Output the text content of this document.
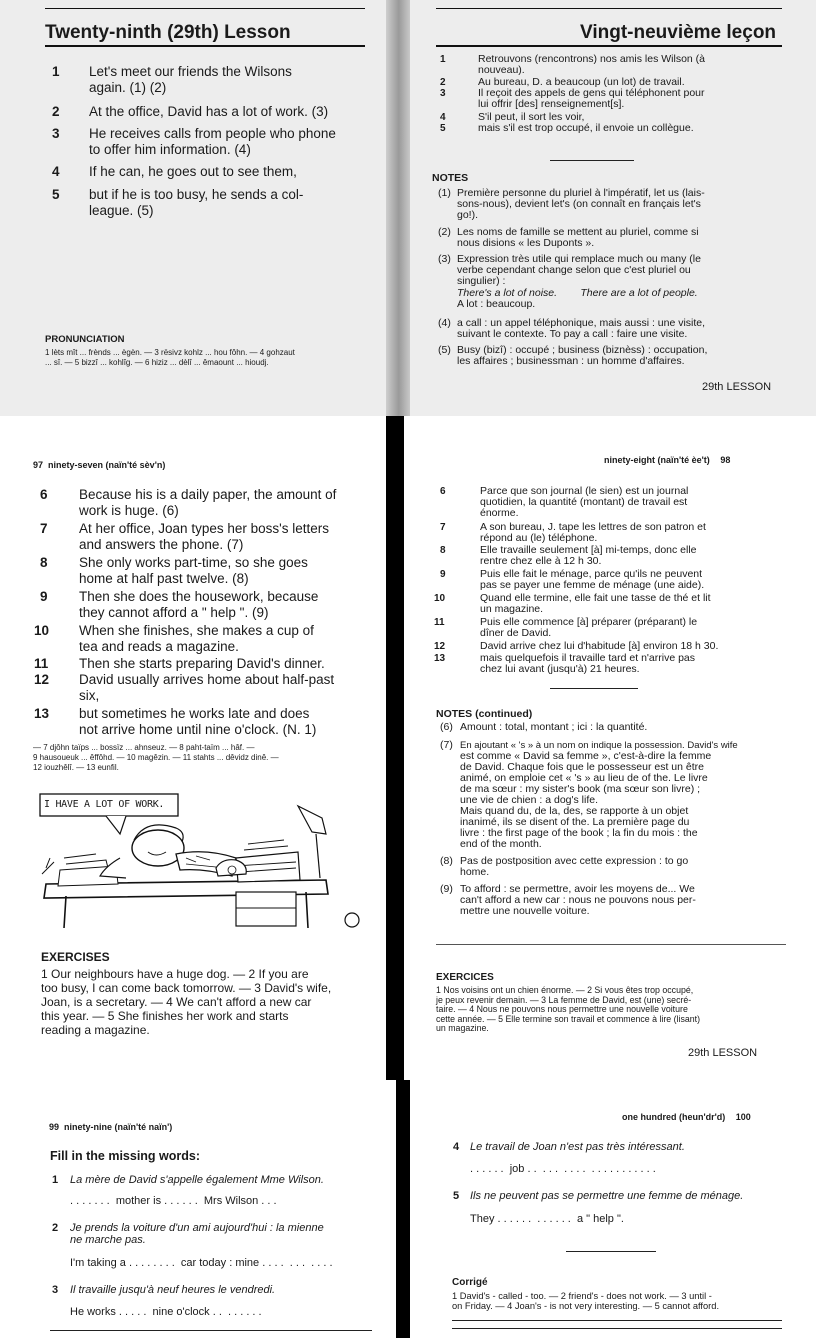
Twenty-ninth (29th) Lesson
1 Let's meet our friends the Wilsons
again. (1) (2)
2 At the office, David has a lot of work. (3)
3 He receives calls from people who phone
to offer him information. (4)
4 If he can, he goes out to see them,
5 but if he is too busy, he sends a col-
league. (5)
PRONUNCIATION
1 lèts mît ... frènds ... ègèn. — 3 rësivz kohlz ... hou fôhn. — 4 gohzaut
... sî. — 5 bizzî ... kohlîg. — 6 hiziz ... dèlî ... êmaount ... hioudj.
Vingt-neuvième leçon
1	Retrouvons (rencontrons) nos amis les Wilson (à
nouveau).
2	Au bureau, D. a beaucoup (un lot) de travail.
3	Il reçoit des appels de gens qui téléphonent pour
lui offrir [des] renseignement[s].
4	S'il peut, il sort les voir,
5	mais s'il est trop occupé, il envoie un collègue.
NOTES
(1) Première personne du pluriel à l'impératif, let us (lais-
sons-nous), devient let's (on connaît en français let's
go!).
(2) Les noms de famille se mettent au pluriel, comme si
nous disions « les Duponts ».
(3) Expression très utile qui remplace much ou many (le
verbe cependant change selon que c'est pluriel ou
singulier) :
There's a lot of noise.        There are a lot of people.
A lot : beaucoup.
(4) a call : un appel téléphonique, mais aussi : une visite,
suivant le contexte. To pay a call : faire une visite.
(5) Busy (bizî) : occupé ; business (biznèss) : occupation,
les affaires ; businessman : un homme d'affaires.
29th LESSON
97  ninety-seven (naïn'té sèv'n)
6 Because his is a daily paper, the amount of
work is huge. (6)
7 At her office, Joan types her boss's letters
and answers the phone. (7)
8 She only works part-time, so she goes
home at half past twelve. (8)
9 Then she does the housework, because
they cannot afford a " help ". (9)
10 When she finishes, she makes a cup of
tea and reads a magazine.
11 Then she starts preparing David's dinner.
12 David usually arrives home about half-past
six,
13 but sometimes he works late and does
not arrive home until nine o'clock. (N. 1)
— 7 djôhn taïps ... bossïz ... ahnseuz. — 8 paht-taïm ... hâf. —
9 hausoueuk ... êffôhd. — 10 magêzin. — 11 stahts ... dêvidz dinê. —
12 iouzhêlî. — 13 eunfil.
I HAVE A LOT OF WORK.
EXERCISES
1 Our neighbours have a huge dog. — 2 If you are
too busy, I can come back tomorrow. — 3 David's wife,
Joan, is a secretary. — 4 We can't afford a new car
this year. — 5 She finishes her work and starts
reading a magazine.
ninety-eight (naïn'té èe't) 98
6	Parce que son journal (le sien) est un journal
quotidien, la quantité (montant) de travail est
énorme.
7	A son bureau, J. tape les lettres de son patron et
répond au (le) téléphone.
8	Elle travaille seulement [à] mi-temps, donc elle
rentre chez elle à 12 h 30.
9	Puis elle fait le ménage, parce qu'ils ne peuvent
pas se payer une femme de ménage (une aide).
10	Quand elle termine, elle fait une tasse de thé et lit
un magazine.
11	Puis elle commence [à] préparer (préparant) le
dîner de David.
12	David arrive chez lui d'habitude [à] environ 18 h 30.
13	mais quelquefois il travaille tard et n'arrive pas
chez lui avant (jusqu'à) 21 heures.
NOTES (continued)
(6) Amount : total, montant ; ici : la quantité.
(7) En ajoutant « 's » à un nom on indique la possession. David's wife
est comme « David sa femme », c'est-à-dire la femme
de David. Chaque fois que le possesseur est un être
animé, on emploie cet « 's » au lieu de of the. Le livre
de ma sœur : my sister's book (ma sœur son livre) ;
une vie de chien : a dog's life.
Mais quand du, de la, des, se rapporte à un objet
inanimé, ils se disent of the. La première page du
livre : the first page of the book ; la fin du mois : the
end of the month.
(8) Pas de postposition avec cette expression : to go
home.
(9) To afford : se permettre, avoir les moyens de... We
can't afford a new car : nous ne pouvons nous per-
mettre une nouvelle voiture.
EXERCICES
1 Nos voisins ont un chien énorme. — 2 Si vous êtes trop occupé,
je peux revenir demain. — 3 La femme de David, est (une) secré-
taire. — 4 Nous ne pouvons nous permettre une nouvelle voiture
cette année. — 5 Elle termine son travail et commence à lire (lisant)
un magazine.
29th LESSON
99  ninety-nine (naïn'té naïn')
Fill in the missing words:
1 La mère de David s'appelle également Mme Wilson.
. . . . . . .  mother is . . . . . .  Mrs Wilson . . .
2 Je prends la voiture d'un ami aujourd'hui : la mienne
ne marche pas.
I'm taking a . . . . . . . .  car today : mine . . . .  . . .  . . . .
3 Il travaille jusqu'à neuf heures le vendredi.
He works . . . . .  nine o'clock . .  . . . . . .
one hundred (heun'dr'd) 100
4 Le travail de Joan n'est pas très intéressant.
. . . . . .  job . .  . . .  . . . .  . . . . . . . . . . .
5 Ils ne peuvent pas se permettre une femme de ménage.
They . . . . . .  . . . . . .  a " help ".
Corrigé
1 David's - called - too. — 2 friend's - does not work. — 3 until -
on Friday. — 4 Joan's - is not very interesting. — 5 cannot afford.
